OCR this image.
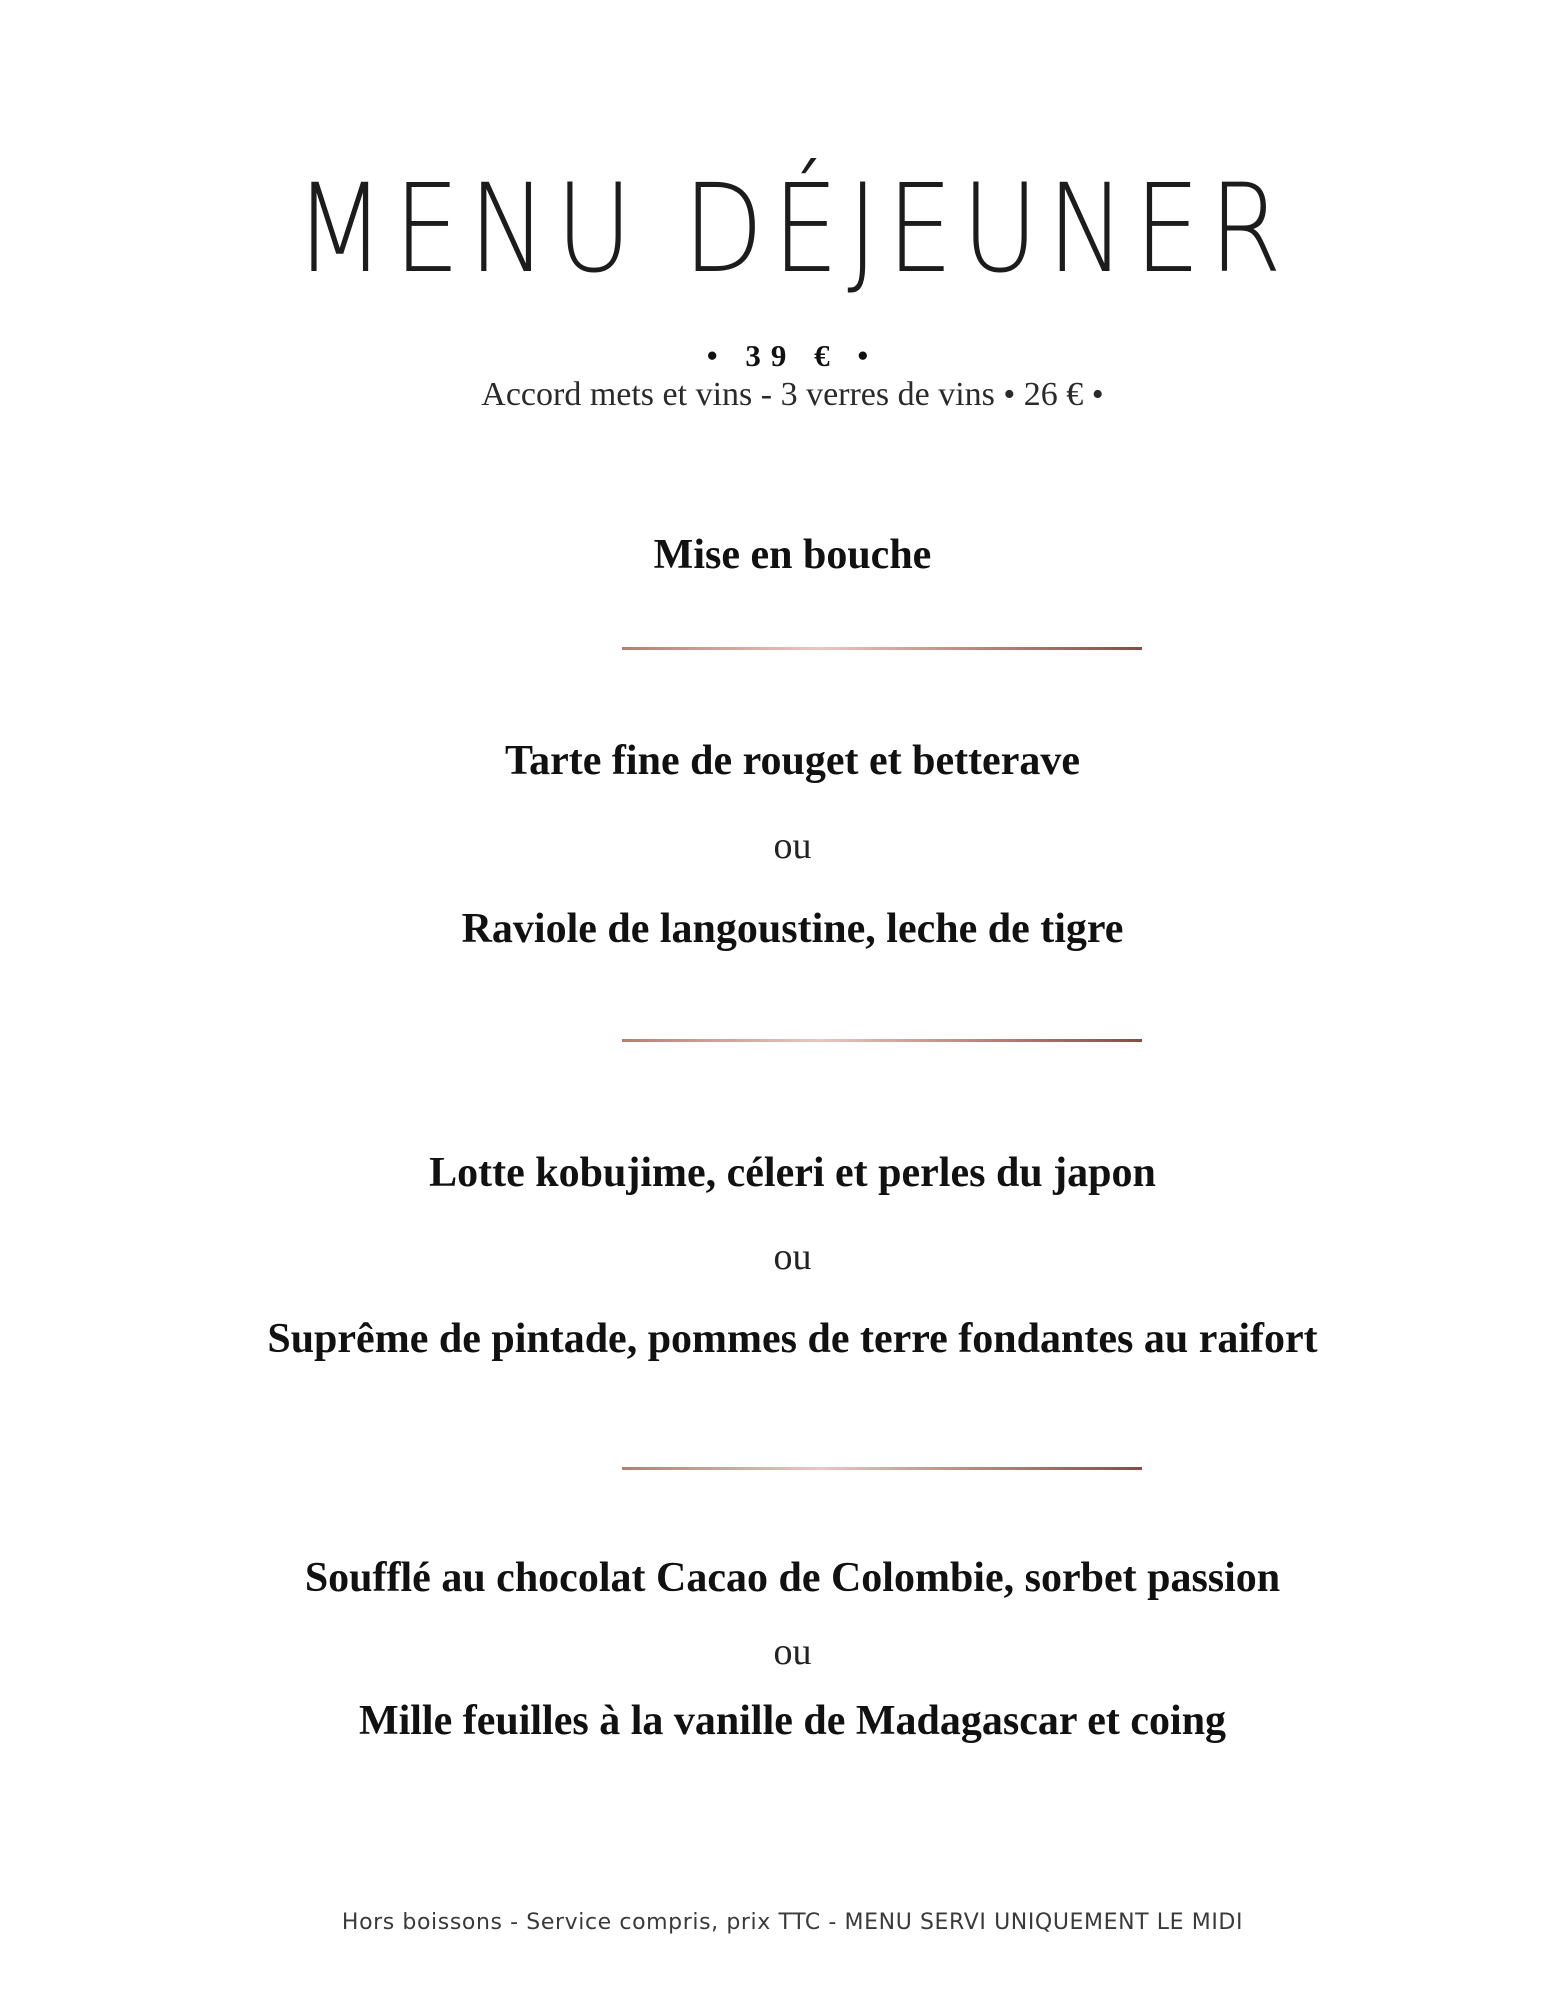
MENU DÉJEUNER
• 39 € •
Accord mets et vins - 3 verres de vins • 26 € •
Mise en bouche
Tarte fine de rouget et betterave
ou
Raviole de langoustine, leche de tigre
Lotte kobujime, céleri et perles du japon
ou
Suprême de pintade, pommes de terre fondantes au raifort
Soufflé au chocolat Cacao de Colombie, sorbet passion
ou
Mille feuilles à la vanille de Madagascar et coing
Hors boissons - Service compris, prix TTC - MENU SERVI UNIQUEMENT LE MIDI
